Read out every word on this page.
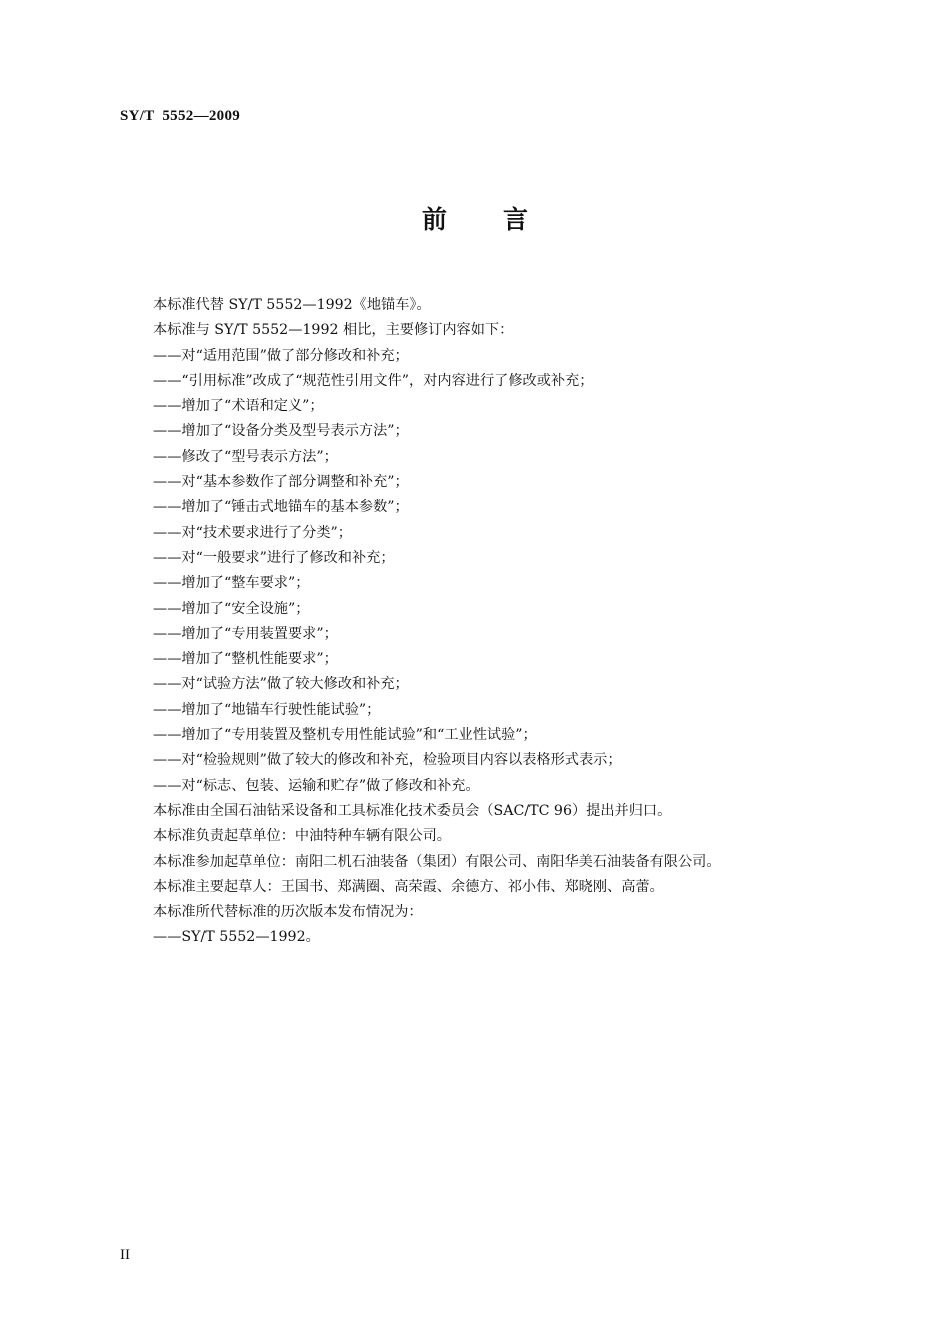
SY/T  5552—2009
前言
本标准代替 SY/T 5552—1992《地锚车》。
本标准与 SY/T 5552—1992 相比，主要修订内容如下：
——对“适用范围”做了部分修改和补充；
——“引用标准”改成了“规范性引用文件”，对内容进行了修改或补充；
——增加了“术语和定义”；
——增加了“设备分类及型号表示方法”；
——修改了“型号表示方法”；
——对“基本参数作了部分调整和补充”；
——增加了“锤击式地锚车的基本参数”；
——对“技术要求进行了分类”；
——对“一般要求”进行了修改和补充；
——增加了“整车要求”；
——增加了“安全设施”；
——增加了“专用装置要求”；
——增加了“整机性能要求”；
——对“试验方法”做了较大修改和补充；
——增加了“地锚车行驶性能试验”；
——增加了“专用装置及整机专用性能试验”和“工业性试验”；
——对“检验规则”做了较大的修改和补充，检验项目内容以表格形式表示；
——对“标志、包装、运输和贮存”做了修改和补充。
本标准由全国石油钻采设备和工具标准化技术委员会（SAC/TC 96）提出并归口。
本标准负责起草单位：中油特种车辆有限公司。
本标准参加起草单位：南阳二机石油装备（集团）有限公司、南阳华美石油装备有限公司。
本标准主要起草人：王国书、郑满圈、高荣霞、余德方、祁小伟、郑晓刚、高蕾。
本标准所代替标准的历次版本发布情况为：
——SY/T 5552—1992。
II
